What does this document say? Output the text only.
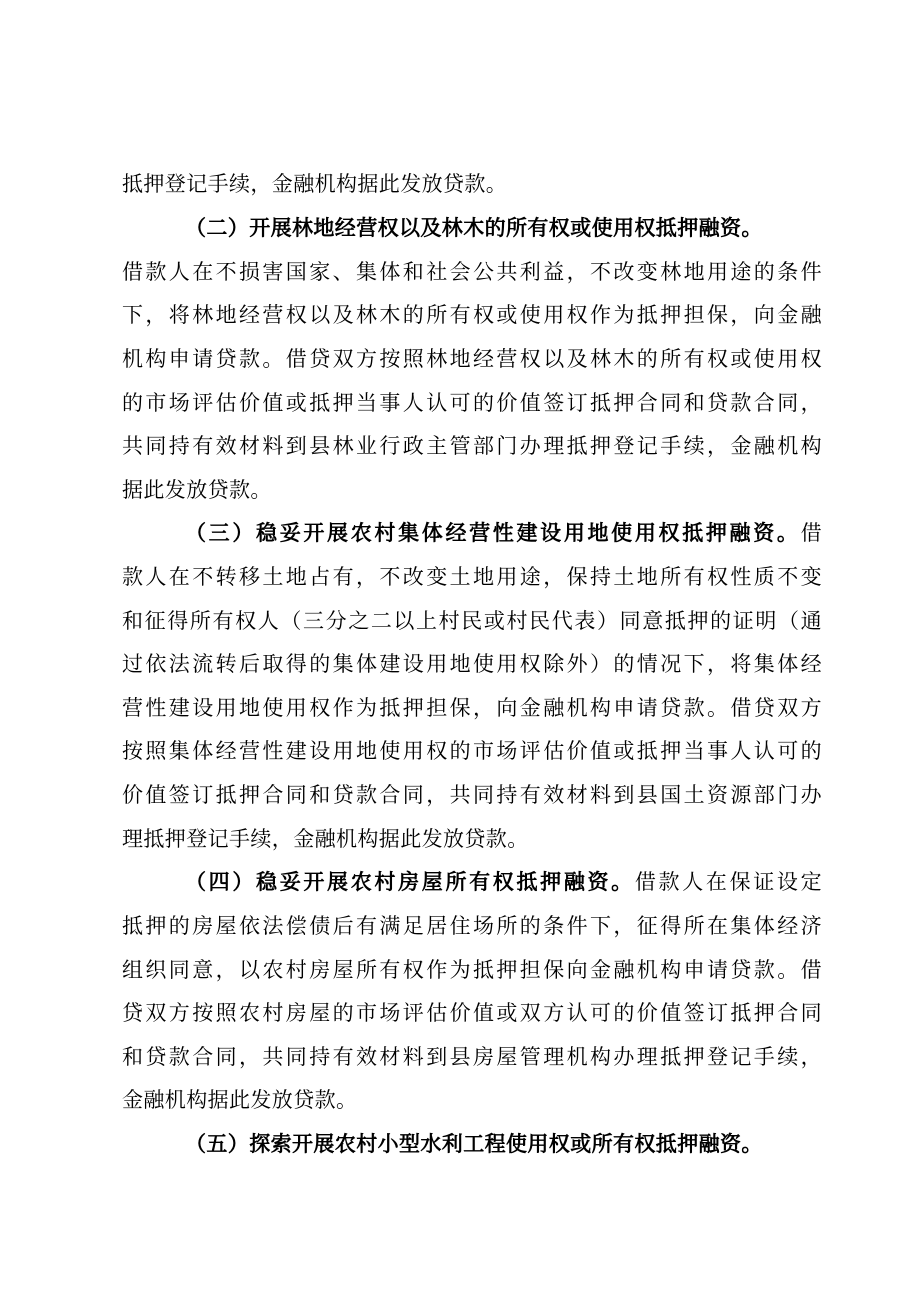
抵押登记手续，金融机构据此发放贷款。
（二）开展林地经营权以及林木的所有权或使用权抵押融资。
借款人在不损害国家、集体和社会公共利益，不改变林地用途的条件
下，将林地经营权以及林木的所有权或使用权作为抵押担保，向金融
机构申请贷款。借贷双方按照林地经营权以及林木的所有权或使用权
的市场评估价值或抵押当事人认可的价值签订抵押合同和贷款合同，
共同持有效材料到县林业行政主管部门办理抵押登记手续，金融机构
据此发放贷款。
（三）稳妥开展农村集体经营性建设用地使用权抵押融资。借
款人在不转移土地占有，不改变土地用途，保持土地所有权性质不变
和征得所有权人（三分之二以上村民或村民代表）同意抵押的证明（通
过依法流转后取得的集体建设用地使用权除外）的情况下，将集体经
营性建设用地使用权作为抵押担保，向金融机构申请贷款。借贷双方
按照集体经营性建设用地使用权的市场评估价值或抵押当事人认可的
价值签订抵押合同和贷款合同，共同持有效材料到县国土资源部门办
理抵押登记手续，金融机构据此发放贷款。
（四）稳妥开展农村房屋所有权抵押融资。借款人在保证设定
抵押的房屋依法偿债后有满足居住场所的条件下，征得所在集体经济
组织同意，以农村房屋所有权作为抵押担保向金融机构申请贷款。借
贷双方按照农村房屋的市场评估价值或双方认可的价值签订抵押合同
和贷款合同，共同持有效材料到县房屋管理机构办理抵押登记手续，
金融机构据此发放贷款。
（五）探索开展农村小型水利工程使用权或所有权抵押融资。
